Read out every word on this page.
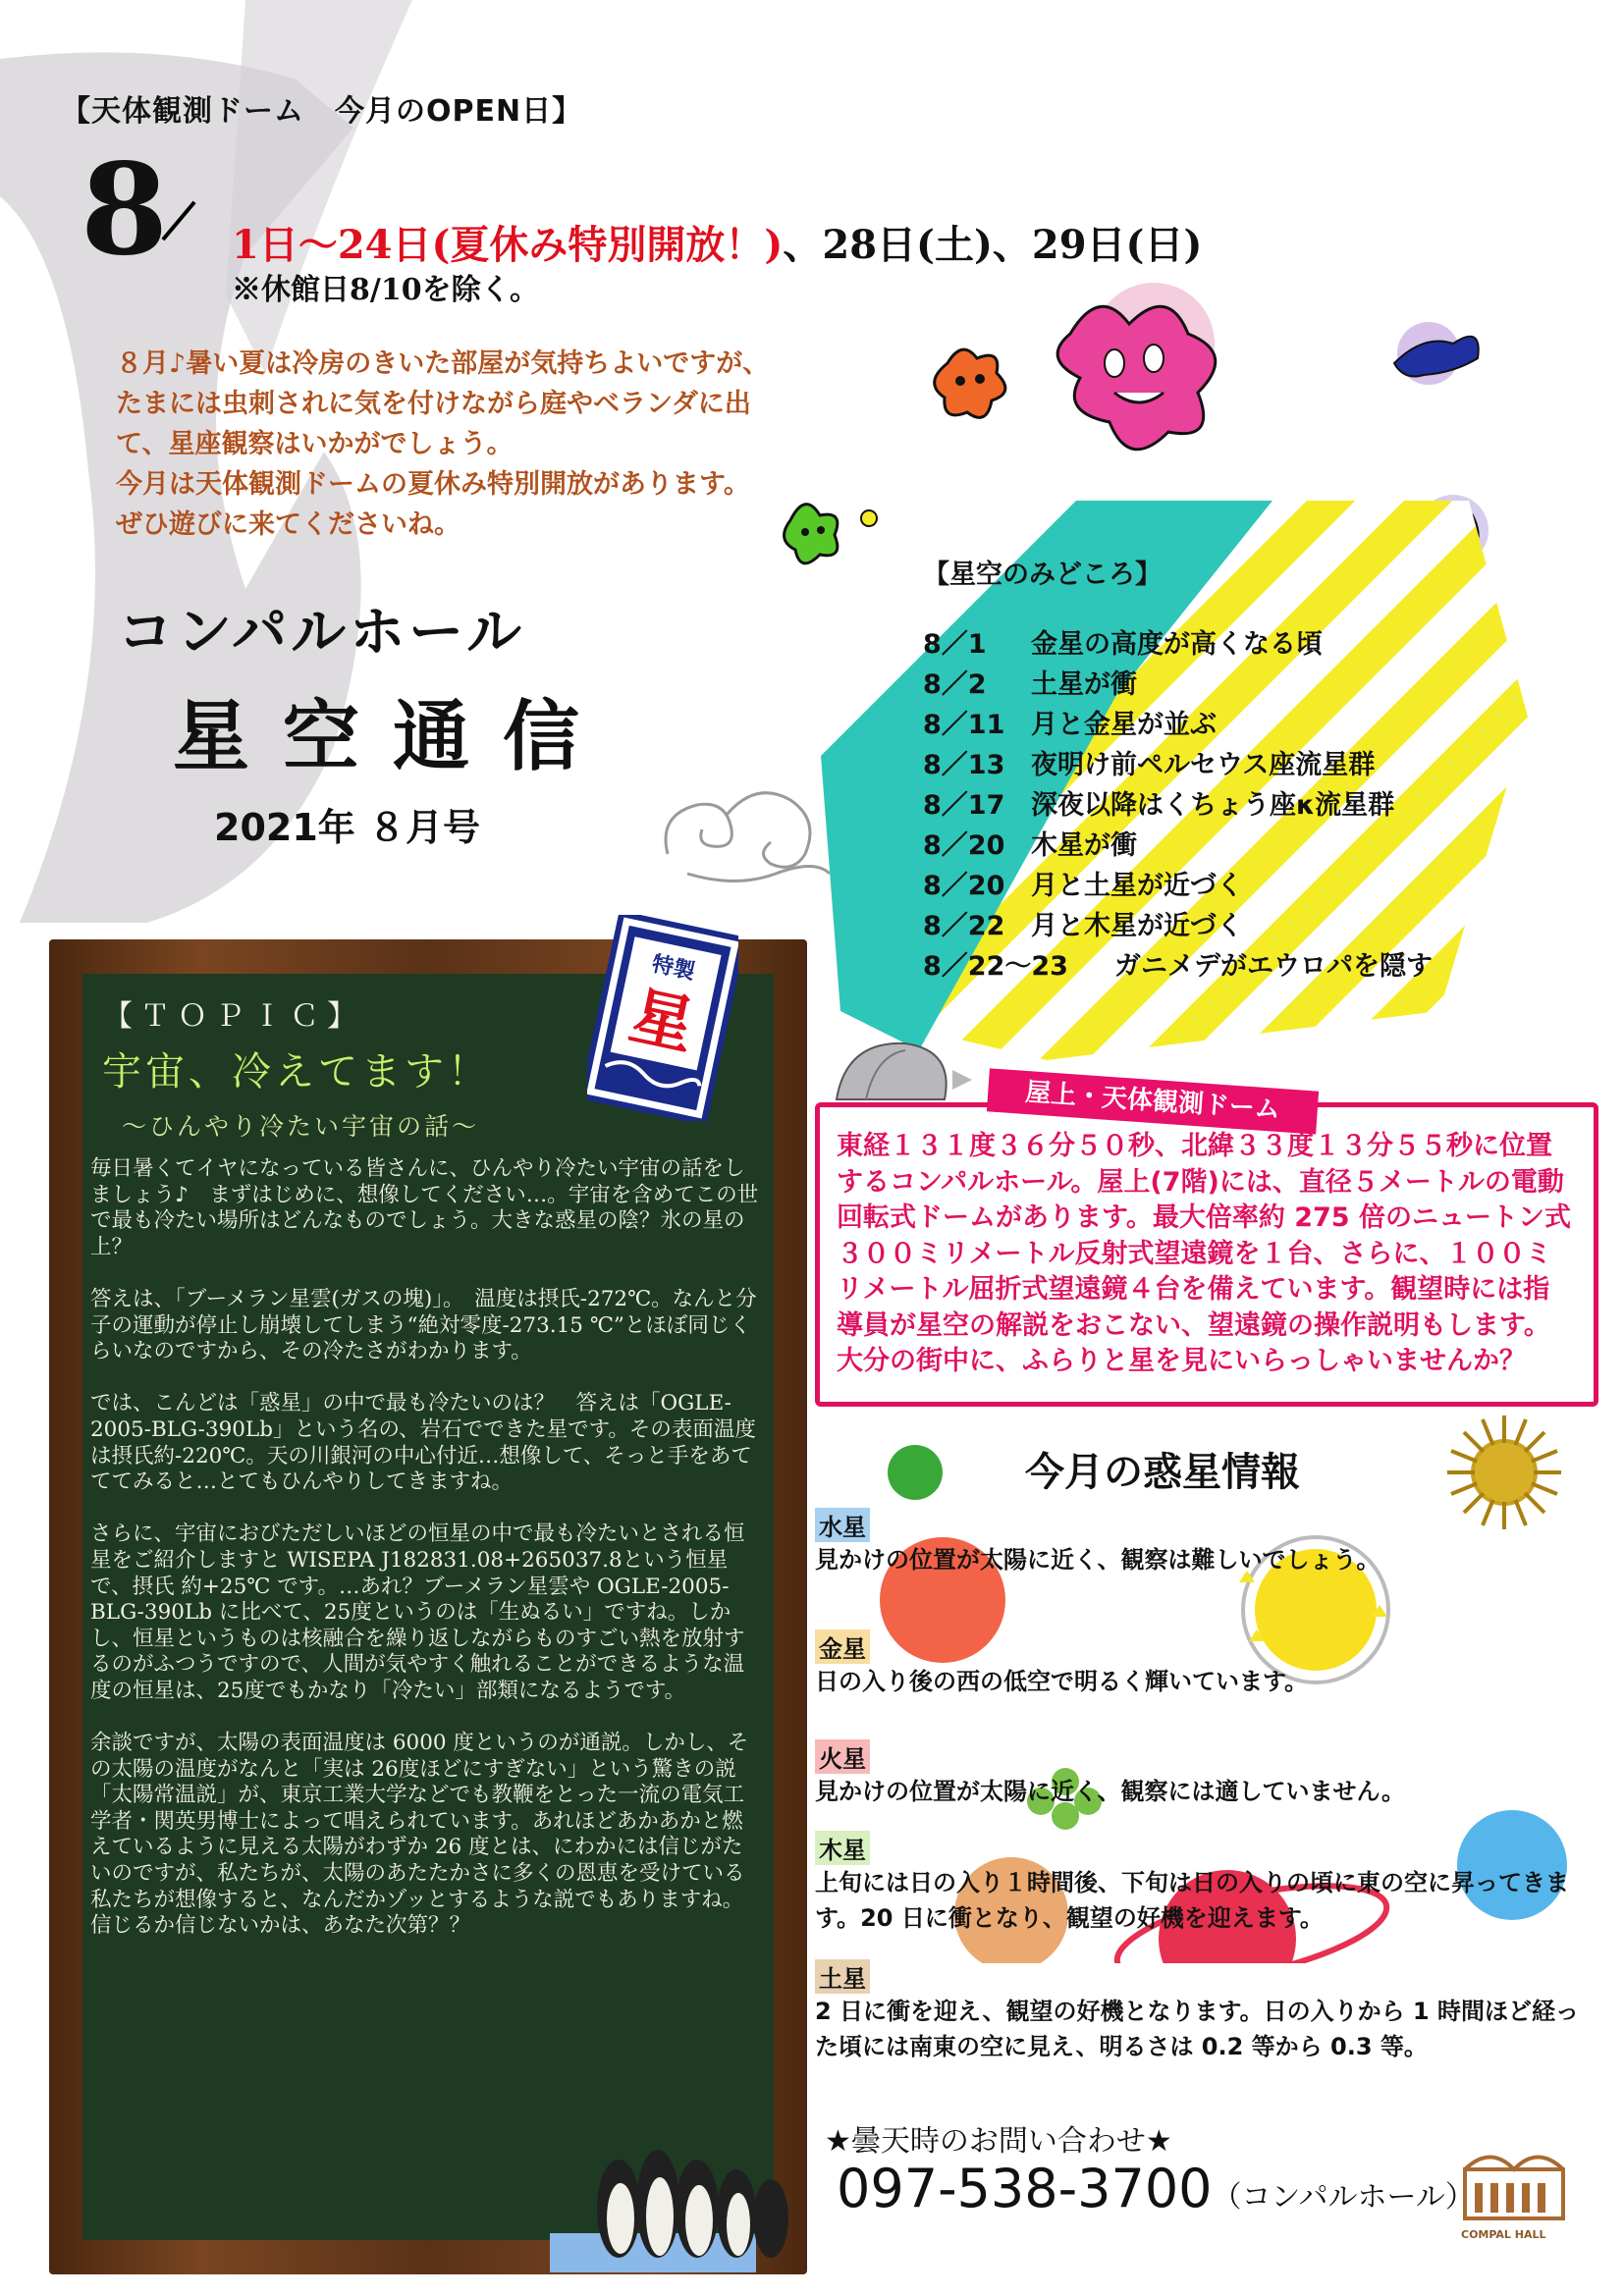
【天体観測ドーム　今月のOPEN日】
8 1日～24日(夏休み特別開放！)、28日(土)、29日(日)
※休館日8/10を除く。

８月♪暑い夏は冷房のきいた部屋が気持ちよいですが、

たまには虫刺されに気を付けながら庭やベランダに出

て、星座観察はいかがでしょう。

今月は天体観測ドームの夏休み特別開放があります。

ぜひ遊びに来てくださいね。

コンパルホール
星空通信
2021年 ８月号
【星空のみどころ】
8／1 金星の高度が高くなる頃
8／2 土星が衝
8／11 月と金星が並ぶ
8／13 夜明け前ペルセウス座流星群
8／17 深夜以降はくちょう座κ流星群
8／20 木星が衝
8／20 月と土星が近づく
8／22 月と木星が近づく
8／22～23 ガニメデがエウロパを隠す
【ＴＯＰＩＣ】
宇宙、冷えてます！
～ひんやり冷たい宇宙の話～

毎日暑くてイヤになっている皆さんに、ひんやり冷たい宇宙の話をしましょう♪　まずはじめに、想像してください…。宇宙を含めてこの世で最も冷たい場所はどんなものでしょう。大きな惑星の陰？氷の星の上？

答えは、「ブーメラン星雲(ガスの塊)」。　温度は摂氏-272℃。なんと分子の運動が停止し崩壊してしまう“絶対零度-273.15 ℃”とほぼ同じくらいなのですから、その冷たさがわかります。

では、こんどは「惑星」の中で最も冷たいのは？　答えは「OGLE-2005-BLG-390Lb」という名の、岩石でできた星です。その表面温度は摂氏約-220℃。天の川銀河の中心付近…想像して、そっと手をあてててみると…とてもひんやりしてきますね。

さらに、宇宙におびただしいほどの恒星の中で最も冷たいとされる恒星をご紹介しますと WISEPA J182831.08+265037.8という恒星で、摂氏 約+25℃ です。…あれ？ブーメラン星雲や OGLE-2005-BLG-390Lb に比べて、25度というのは「生ぬるい」ですね。しかし、恒星というものは核融合を繰り返しながらものすごい熱を放射するのがふつうですので、人間が気やすく触れることができるような温度の恒星は、25度でもかなり「冷たい」部類になるようです。

余談ですが、太陽の表面温度は 6000 度というのが通説。しかし、その太陽の温度がなんと「実は 26度ほどにすぎない」という驚きの説「太陽常温説」が、東京工業大学などでも教鞭をとった一流の電気工学者・関英男博士によって唱えられています。あれほどあかあかと燃えているように見える太陽がわずか 26 度とは、にわかには信じがたいのですが、私たちが、太陽のあたたかさに多くの恩恵を受けている私たちが想像すると、なんだかゾッとするような説でもありますね。

信じるか信じないかは、あなた次第？？

特製
星
屋上・天体観測ドーム
東経１３１度３６分５０秒、北緯３３度１３分５５秒に位置するコンパルホール。屋上(7階)には、直径５メートルの電動回転式ドームがあります。最大倍率約 275 倍のニュートン式３００ミリメートル反射式望遠鏡を１台、さらに、１００ミリメートル屈折式望遠鏡４台を備えています。観望時には指導員が星空の解説をおこない、望遠鏡の操作説明もします。大分の街中に、ふらりと星を見にいらっしゃいませんか？
今月の惑星情報
水星
見かけの位置が太陽に近く、観察は難しいでしょう。
金星
日の入り後の西の低空で明るく輝いています。
火星
見かけの位置が太陽に近く、観察には適していません。
木星
上旬には日の入り１時間後、下旬は日の入りの頃に東の空に昇ってきます。20 日に衝となり、観望の好機を迎えます。
土星
2 日に衝を迎え、観望の好機となります。日の入りから 1 時間ほど経った頃には南東の空に見え、明るさは 0.2 等から 0.3 等。
★曇天時のお問い合わせ★
097-538-3700（コンパルホール）
COMPAL HALL
